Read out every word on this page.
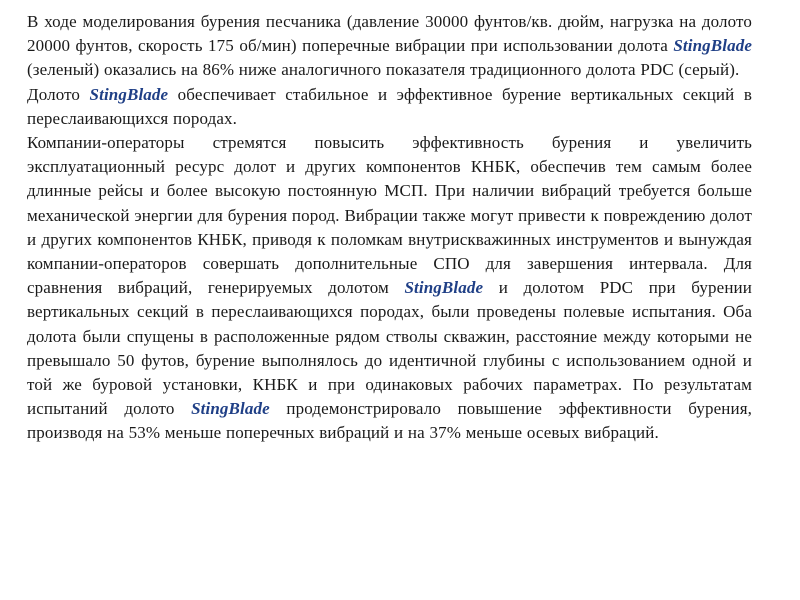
В ходе моделирования бурения песчаника (давление 30000 фунтов/кв. дюйм, нагрузка на долото 20000 фунтов, скорость 175 об/мин) поперечные вибрации при использовании долота StingBlade (зеленый) оказались на 86% ниже аналогичного показателя традиционного долота PDC (серый).

Долото StingBlade обеспечивает стабильное и эффективное бурение вертикальных секций в переслаивающихся породах.

Компании-операторы стремятся повысить эффективность бурения и увеличить эксплуатационный ресурс долот и других компонентов КНБК, обеспечив тем самым более длинные рейсы и более высокую постоянную МСП. При наличии вибраций требуется больше механической энергии для бурения пород. Вибрации также могут привести к повреждению долот и других компонентов КНБК, приводя к поломкам внутрискважинных инструментов и вынуждая компании-операторов совершать дополнительные СПО для завершения интервала. Для сравнения вибраций, генерируемых долотом StingBlade и долотом PDC при бурении вертикальных секций в переслаивающихся породах, были проведены полевые испытания. Оба долота были спущены в расположенные рядом стволы скважин, расстояние между которыми не превышало 50 футов, бурение выполнялось до идентичной глубины с использованием одной и той же буровой установки, КНБК и при одинаковых рабочих параметрах. По результатам испытаний долото StingBlade продемонстрировало повышение эффективности бурения, производя на 53% меньше поперечных вибраций и на 37% меньше осевых вибраций.
